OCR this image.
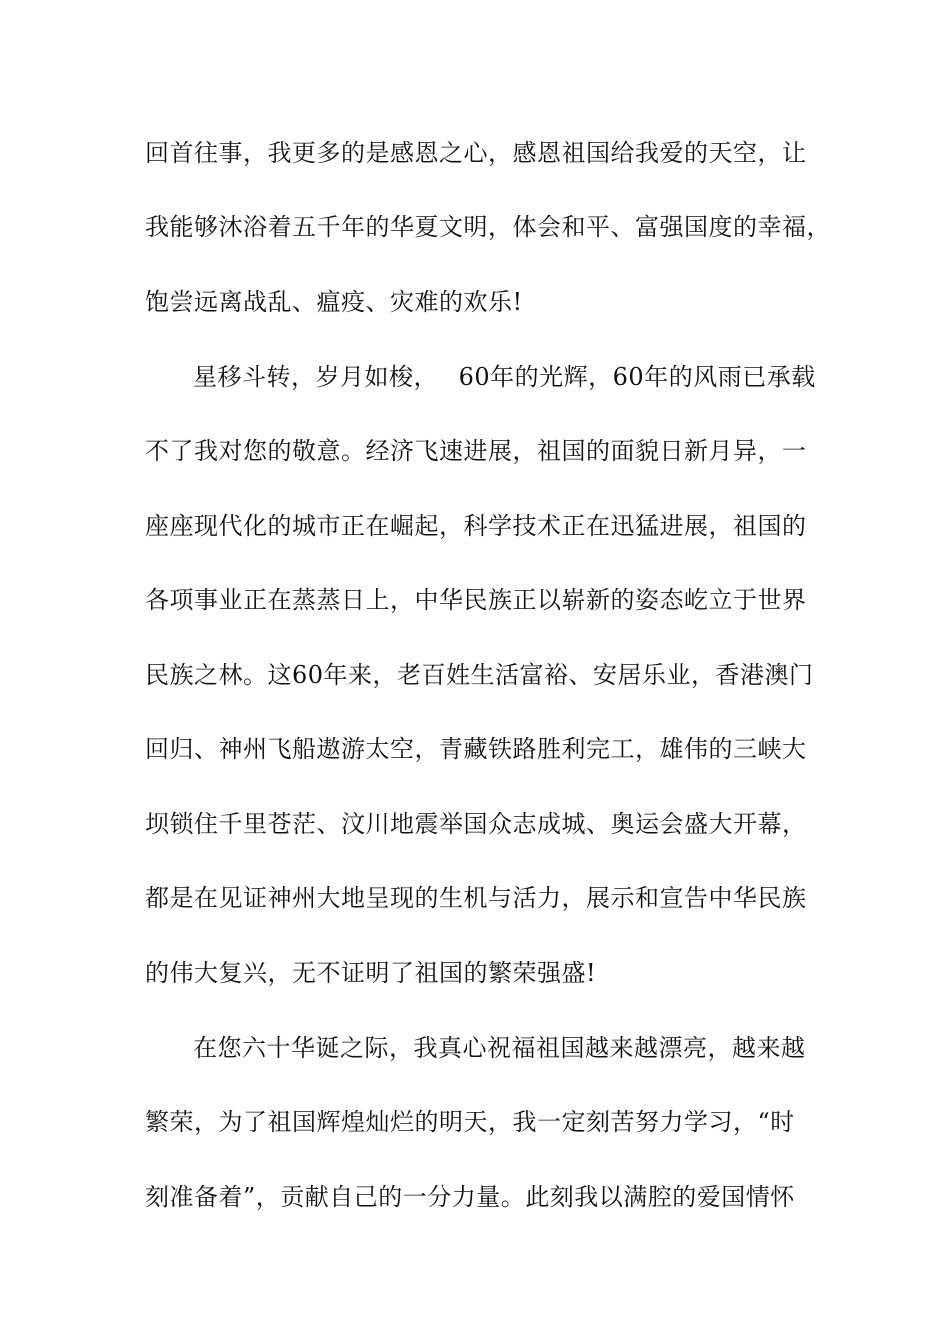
回首往事，我更多的是感恩之心，感恩祖国给我爱的天空，让
我能够沐浴着五千年的华夏文明，体会和平、富强国度的幸福，
饱尝远离战乱、瘟疫、灾难的欢乐!
星移斗转，岁月如梭，　 60年的光辉，60年的风雨已承载
不了我对您的敬意。经济飞速进展，祖国的面貌日新月异，一
座座现代化的城市正在崛起，科学技术正在迅猛进展，祖国的
各项事业正在蒸蒸日上，中华民族正以崭新的姿态屹立于世界
民族之林。这60年来，老百姓生活富裕、安居乐业，香港澳门
回归、神州飞船遨游太空，青藏铁路胜利完工，雄伟的三峡大
坝锁住千里苍茫、汶川地震举国众志成城、奥运会盛大开幕，
都是在见证神州大地呈现的生机与活力，展示和宣告中华民族
的伟大复兴，无不证明了祖国的繁荣强盛!
在您六十华诞之际，我真心祝福祖国越来越漂亮，越来越
繁荣，为了祖国辉煌灿烂的明天，我一定刻苦努力学习，“时
刻准备着”，贡献自己的一分力量。此刻我以满腔的爱国情怀
